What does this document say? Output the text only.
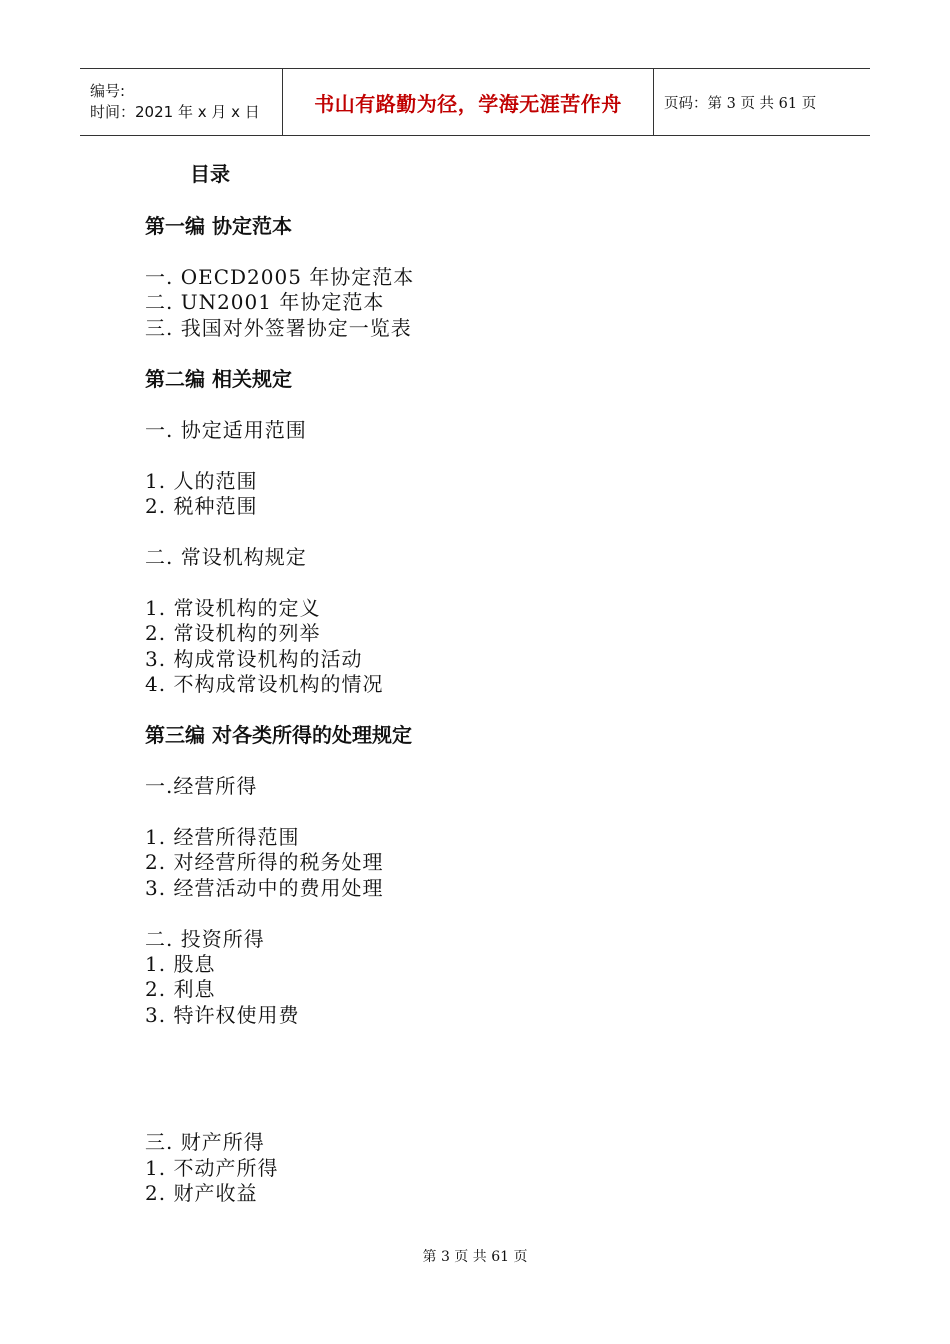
编号:
时间：2021 年 x 月 x 日	书山有路勤为径，学海无涯苦作舟	页码：第 3 页 共 61 页
目录
第一编 协定范本
一. OECD2005 年协定范本
二. UN2001 年协定范本
三. 我国对外签署协定一览表
第二编 相关规定
一. 协定适用范围
1. 人的范围
2. 税种范围
二. 常设机构规定
1. 常设机构的定义
2. 常设机构的列举
3. 构成常设机构的活动
4. 不构成常设机构的情况
第三编 对各类所得的处理规定
一.经营所得
1. 经营所得范围
2. 对经营所得的税务处理
3. 经营活动中的费用处理
二. 投资所得
1. 股息
2. 利息
3. 特许权使用费
三. 财产所得
1. 不动产所得
2. 财产收益
第 3 页 共 61 页
